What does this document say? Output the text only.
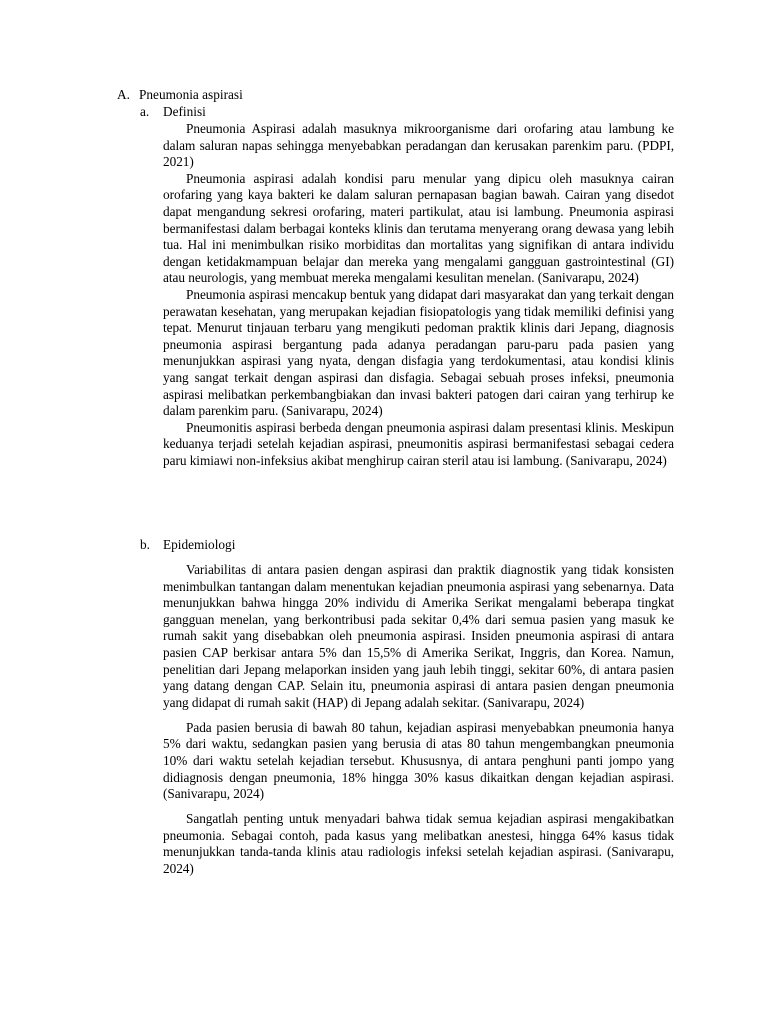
A. Pneumonia aspirasi
a. Definisi

Pneumonia Aspirasi adalah masuknya mikroorganisme dari orofaring atau lambung ke dalam saluran napas sehingga menyebabkan peradangan dan kerusakan parenkim paru. (PDPI, 2021)

Pneumonia aspirasi adalah kondisi paru menular yang dipicu oleh masuknya cairan orofaring yang kaya bakteri ke dalam saluran pernapasan bagian bawah. Cairan yang disedot dapat mengandung sekresi orofaring, materi partikulat, atau isi lambung. Pneumonia aspirasi bermanifestasi dalam berbagai konteks klinis dan terutama menyerang orang dewasa yang lebih tua. Hal ini menimbulkan risiko morbiditas dan mortalitas yang signifikan di antara individu dengan ketidakmampuan belajar dan mereka yang mengalami gangguan gastrointestinal (GI) atau neurologis, yang membuat mereka mengalami kesulitan menelan. (Sanivarapu, 2024)

Pneumonia aspirasi mencakup bentuk yang didapat dari masyarakat dan yang terkait dengan perawatan kesehatan, yang merupakan kejadian fisiopatologis yang tidak memiliki definisi yang tepat. Menurut tinjauan terbaru yang mengikuti pedoman praktik klinis dari Jepang, diagnosis pneumonia aspirasi bergantung pada adanya peradangan paru-paru pada pasien yang menunjukkan aspirasi yang nyata, dengan disfagia yang terdokumentasi, atau kondisi klinis yang sangat terkait dengan aspirasi dan disfagia. Sebagai sebuah proses infeksi, pneumonia aspirasi melibatkan perkembangbiakan dan invasi bakteri patogen dari cairan yang terhirup ke dalam parenkim paru. (Sanivarapu, 2024)

Pneumonitis aspirasi berbeda dengan pneumonia aspirasi dalam presentasi klinis. Meskipun keduanya terjadi setelah kejadian aspirasi, pneumonitis aspirasi bermanifestasi sebagai cedera paru kimiawi non-infeksius akibat menghirup cairan steril atau isi lambung. (Sanivarapu, 2024)

b. Epidemiologi

Variabilitas di antara pasien dengan aspirasi dan praktik diagnostik yang tidak konsisten menimbulkan tantangan dalam menentukan kejadian pneumonia aspirasi yang sebenarnya. Data menunjukkan bahwa hingga 20% individu di Amerika Serikat mengalami beberapa tingkat gangguan menelan, yang berkontribusi pada sekitar 0,4% dari semua pasien yang masuk ke rumah sakit yang disebabkan oleh pneumonia aspirasi. Insiden pneumonia aspirasi di antara pasien CAP berkisar antara 5% dan 15,5% di Amerika Serikat, Inggris, dan Korea. Namun, penelitian dari Jepang melaporkan insiden yang jauh lebih tinggi, sekitar 60%, di antara pasien yang datang dengan CAP. Selain itu, pneumonia aspirasi di antara pasien dengan pneumonia yang didapat di rumah sakit (HAP) di Jepang adalah sekitar. (Sanivarapu, 2024)

Pada pasien berusia di bawah 80 tahun, kejadian aspirasi menyebabkan pneumonia hanya 5% dari waktu, sedangkan pasien yang berusia di atas 80 tahun mengembangkan pneumonia 10% dari waktu setelah kejadian tersebut. Khususnya, di antara penghuni panti jompo yang didiagnosis dengan pneumonia, 18% hingga 30% kasus dikaitkan dengan kejadian aspirasi. (Sanivarapu, 2024)

Sangatlah penting untuk menyadari bahwa tidak semua kejadian aspirasi mengakibatkan pneumonia. Sebagai contoh, pada kasus yang melibatkan anestesi, hingga 64% kasus tidak menunjukkan tanda-tanda klinis atau radiologis infeksi setelah kejadian aspirasi. (Sanivarapu, 2024)
